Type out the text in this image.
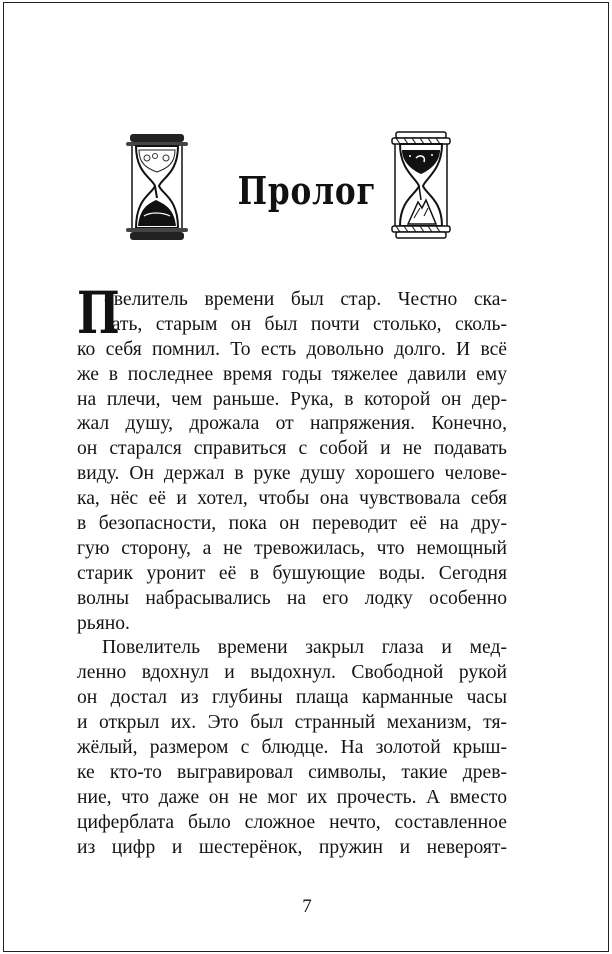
Пролог
П
овелитель времени был стар. Честно ска-
зать, старым он был почти столько, сколь-
ко себя помнил. То есть довольно долго. И всё
же в последнее время годы тяжелее давили ему
на плечи, чем раньше. Рука, в которой он дер-
жал душу, дрожала от напряжения. Конечно,
он старался справиться с собой и не подавать
виду. Он держал в руке душу хорошего челове-
ка, нёс её и хотел, чтобы она чувствовала себя
в безопасности, пока он переводит её на дру-
гую сторону, а не тревожилась, что немощный
старик уронит её в бушующие воды. Сегодня
волны набрасывались на его лодку особенно
рьяно.
Повелитель времени закрыл глаза и мед-
ленно вдохнул и выдохнул. Свободной рукой
он достал из глубины плаща карманные часы
и открыл их. Это был странный механизм, тя-
жёлый, размером с блюдце. На золотой крыш-
ке кто-то выгравировал символы, такие древ-
ние, что даже он не мог их прочесть. А вместо
циферблата было сложное нечто, составленное
из цифр и шестерёнок, пружин и невероят-
7
